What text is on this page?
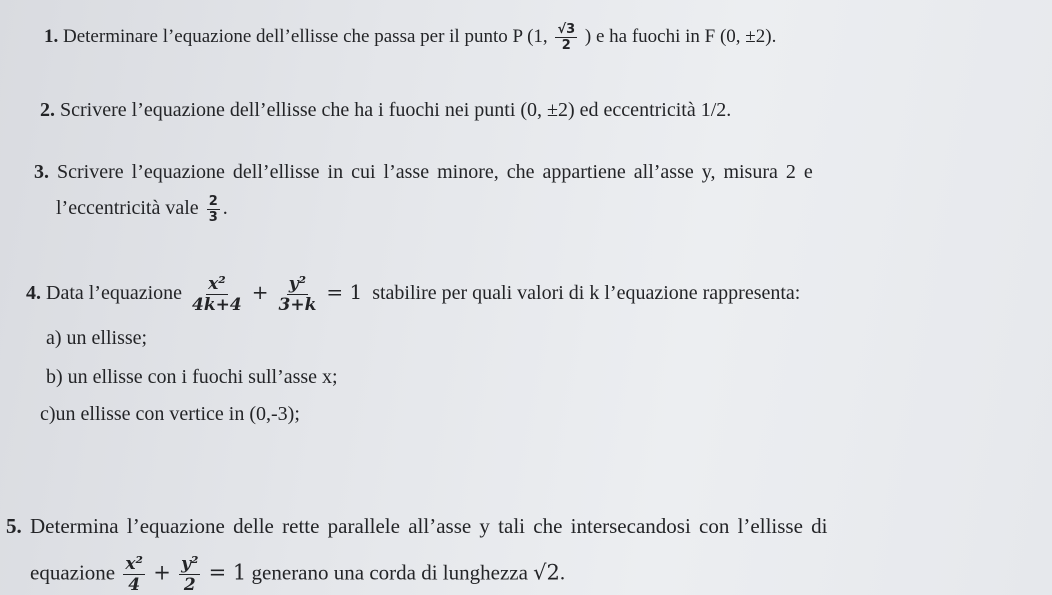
1. Determinare l’equazione dell’ellisse che passa per il punto P (1, $\frac{√3}{2}$ ) e ha fuochi in F (0, ±2).
2. Scrivere l’equazione dell’ellisse che ha i fuochi nei punti (0, ±2) ed eccentricità 1/2.
3. Scrivere l’equazione dell’ellisse in cui l’asse minore, che appartiene all’asse y, misura 2 e
l’eccentricità vale $\frac{2}{3}$ .
4. Data l’equazione $\frac{\text{x²}}{4k+4} + \frac{\text{y²}}{3+k} = 1$ stabilire per quali valori di k l’equazione rappresenta:
a) un ellisse;
b) un ellisse con i fuochi sull’asse x;
c)un ellisse con vertice in (0,-3);
5. Determina l’equazione delle rette parallele all’asse y tali che intersecandosi con l’ellisse di
equazione $\frac{\text{x²}}{4} + \frac{\text{y²}}{2} = 1$ generano una corda di lunghezza √2.
